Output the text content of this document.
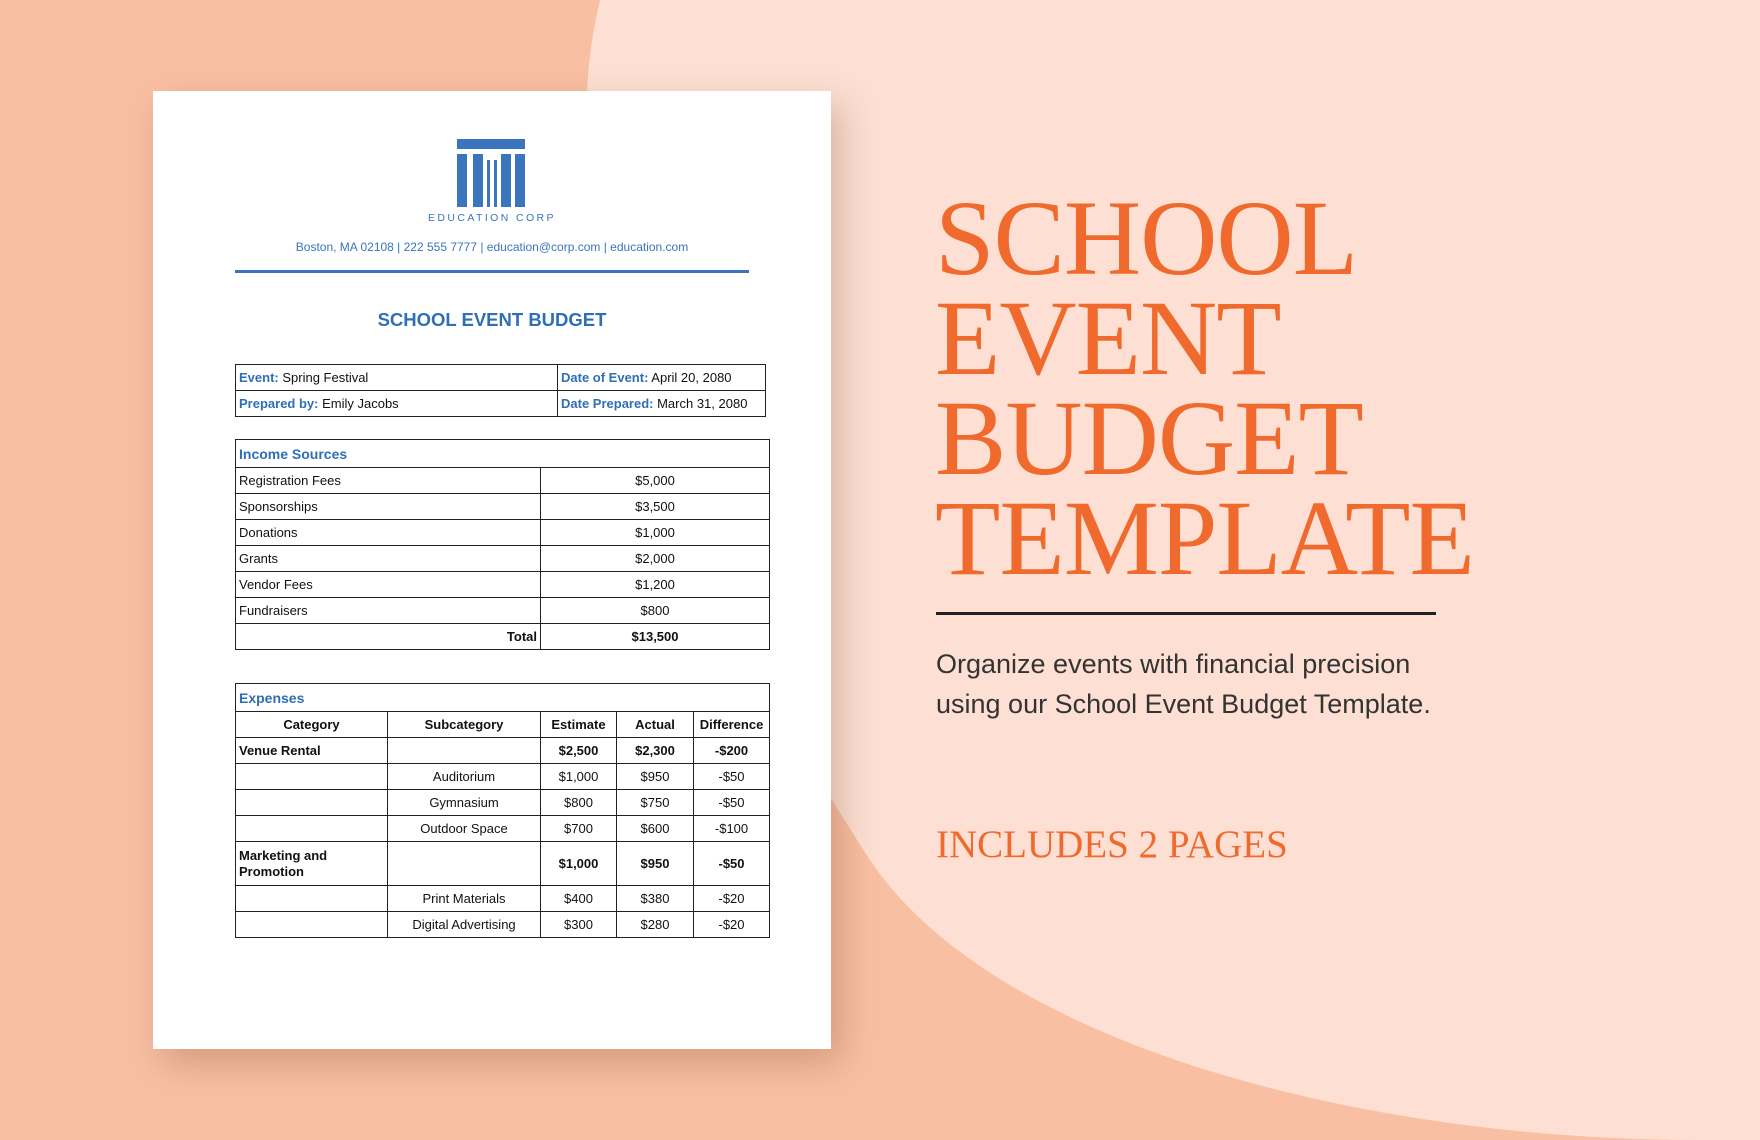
EDUCATION CORP
Boston, MA 02108 | 222 555 7777 | education@corp.com | education.com
SCHOOL EVENT BUDGET
Event: Spring Festival	Date of Event: April 20, 2080
Prepared by: Emily Jacobs	Date Prepared: March 31, 2080
Income Sources	
Registration Fees	$5,000
Sponsorships	$3,500
Donations	$1,000
Grants	$2,000
Vendor Fees	$1,200
Fundraisers	$800
Total	$13,500
Expenses				
Category	Subcategory	Estimate	Actual	Difference
Venue Rental		$2,500	$2,300	-$200
	Auditorium	$1,000	$950	-$50
	Gymnasium	$800	$750	-$50
	Outdoor Space	$700	$600	-$100
Marketing and Promotion		$1,000	$950	-$50
	Print Materials	$400	$380	-$20
	Digital Advertising	$300	$280	-$20
SCHOOL
EVENT
BUDGET
TEMPLATE
Organize events with financial precision
using our School Event Budget Template.
INCLUDES 2 PAGES
